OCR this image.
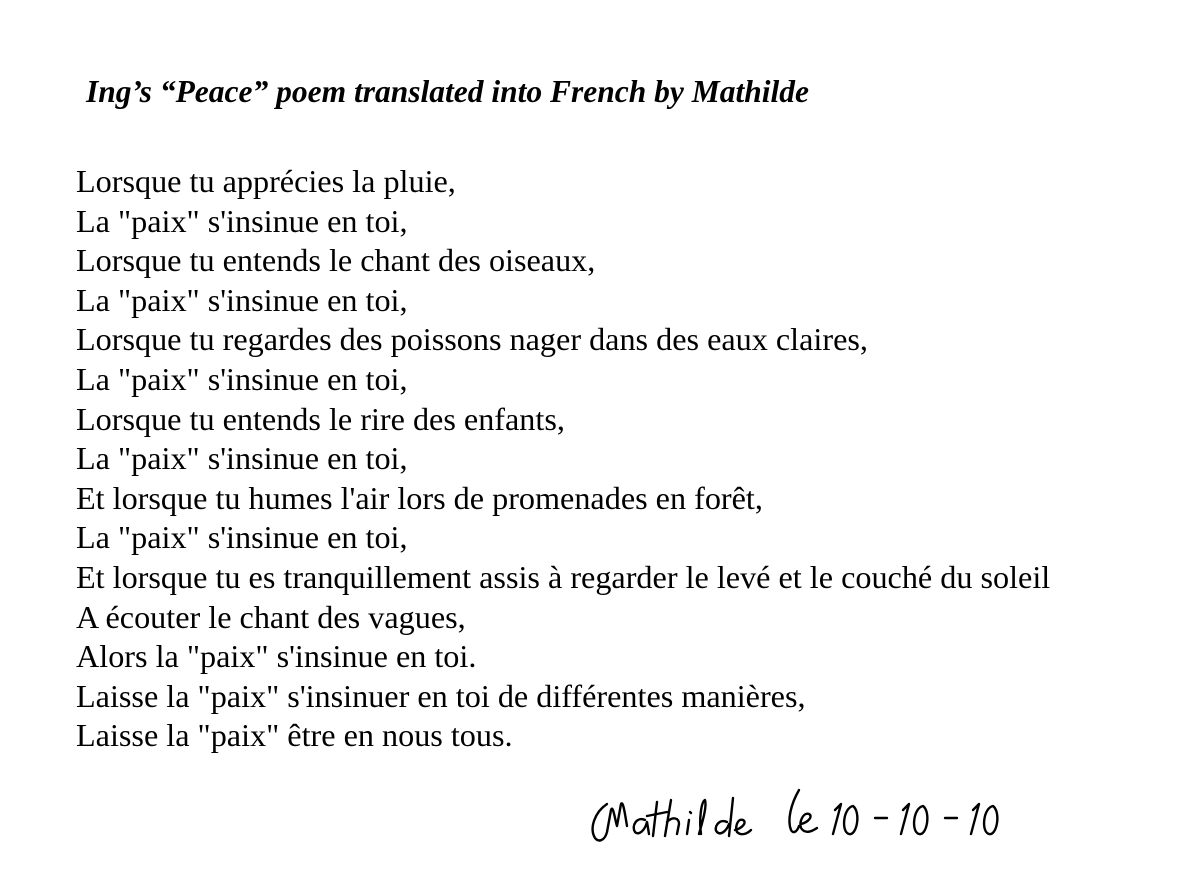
Ing’s “Peace” poem translated into French by Mathilde
Lorsque tu apprécies la pluie,
La "paix" s'insinue en toi,
Lorsque tu entends le chant des oiseaux,
La "paix" s'insinue en toi,
Lorsque tu regardes des poissons nager dans des eaux claires,
La "paix" s'insinue en toi,
Lorsque tu entends le rire des enfants,
La "paix" s'insinue en toi,
Et lorsque tu humes l'air lors de promenades en forêt,
La "paix" s'insinue en toi,
Et lorsque tu es tranquillement assis à regarder le levé et le couché du soleil
A écouter le chant des vagues,
Alors la "paix" s'insinue en toi.
Laisse la "paix" s'insinuer en toi de différentes manières,
Laisse la "paix" être en nous tous.
